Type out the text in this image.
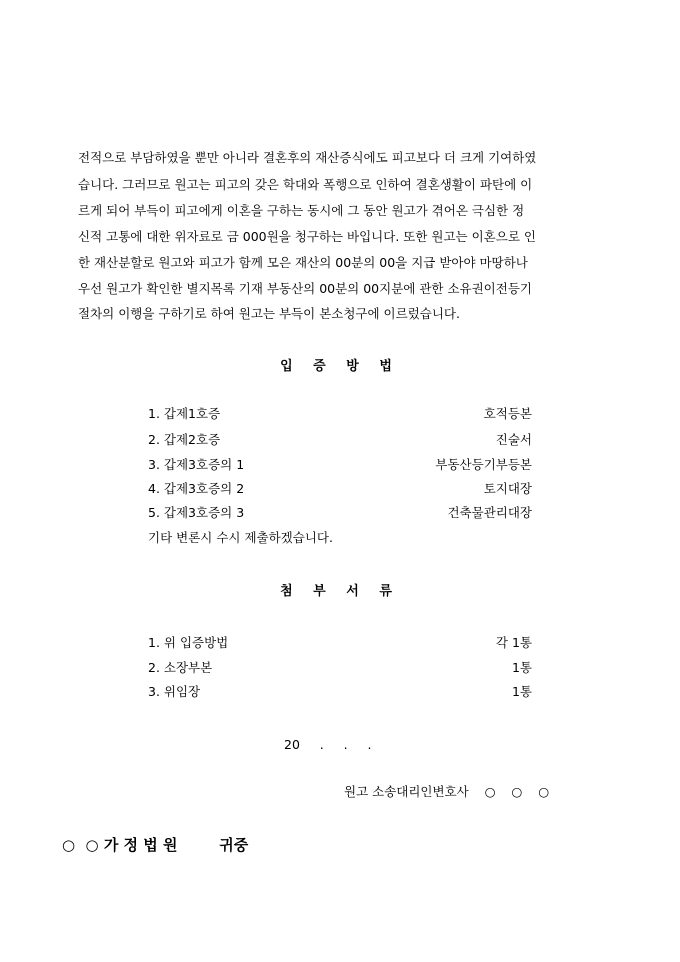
전적으로 부담하였을 뿐만 아니라 결혼후의 재산증식에도 피고보다 더 크게 기여하였
습니다. 그러므로 원고는 피고의 갖은 학대와 폭행으로 인하여 결혼생활이 파탄에 이
르게 되어 부득이 피고에게 이혼을 구하는 동시에 그 동안 원고가 겪어온 극심한 정
신적 고통에 대한 위자료로 금 000원을 청구하는 바입니다. 또한 원고는 이혼으로 인
한 재산분할로 원고와 피고가 함께 모은 재산의 00분의 00을 지급 받아야 마땅하나
우선 원고가 확인한 별지목록 기재 부동산의 00분의 00지분에 관한 소유권이전등기
절차의 이행을 구하기로 하여 원고는 부득이 본소청구에 이르렀습니다.
입 증 방 법
1. 갑제1호증	호적등본
2. 갑제2호증	진술서
3. 갑제3호증의 1	부동산등기부등본
4. 갑제3호증의 2	토지대장
5. 갑제3호증의 3	건축물관리대장
기타 변론시 수시 제출하겠습니다.
첨 부 서 류
1. 위 입증방법	각 1통
2. 소장부본	1통
3. 위임장	1통
20     .     .     .
원고 소송대리인변호사    ○    ○    ○
○  ○ 가 정 법 원        귀중
